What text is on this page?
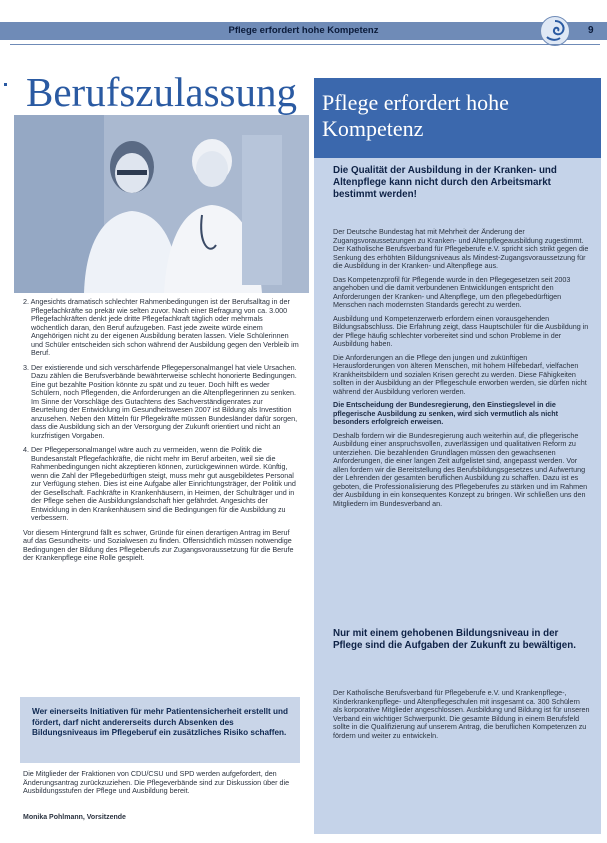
Pflege erfordert hohe Kompetenz	9
Berufszulassung

2. Angesichts dramatisch schlechter Rahmenbedingungen ist der Berufsalltag in der Pflegefachkräfte so prekär wie selten zuvor. Nach einer Befragung von ca. 3.000 Pflegefachkräften denkt jede dritte Pflegefachkraft täglich oder mehrmals wöchentlich daran, den Beruf aufzugeben. Fast jede zweite würde einem Angehörigen nicht zu der eigenen Ausbildung beraten lassen. Viele Schülerinnen und Schüler entscheiden sich schon während der Ausbildung gegen den Verbleib im Beruf.

3. Der existierende und sich verschärfende Pflegepersonalmangel hat viele Ursachen. Dazu zählen die Berufsverbände bewährterweise schlecht honorierte Bedingungen. Eine gut bezahlte Position könnte zu spät und zu teuer. Doch hilft es weder Schülern, noch Pflegenden, die Anforderungen an die Altenpflegerinnen zu senken. Im Sinne der Vorschläge des Gutachtens des Sachverständigenrates zur Beurteilung der Entwicklung im Gesundheitswesen 2007 ist Bildung als Investition anzusehen. Neben den Mitteln für Pflegekräfte müssen Bundesländer dafür sorgen, dass die Ausbildung sich an der Versorgung der Zukunft orientiert und nicht an kurzfristigen Vorgaben.

4. Der Pflegepersonalmangel wäre auch zu vermeiden, wenn die Politik die Bundesanstalt Pflegefachkräfte, die nicht mehr im Beruf arbeiten, weil sie die Rahmenbedingungen nicht akzeptieren können, zurückgewinnen würde. Künftig, wenn die Zahl der Pflegebedürftigen steigt, muss mehr gut ausgebildetes Personal zur Verfügung stehen. Dies ist eine Aufgabe aller Einrichtungsträger, der Politik und der Gesellschaft. Fachkräfte in Krankenhäusern, in Heimen, der Schulträger und in der Pflege sehen die Ausbildungslandschaft hier gefährdet. Angesichts der Entwicklung in den Krankenhäusern sind die Bedingungen für die Ausbildung zu verbessern.

Vor diesem Hintergrund fällt es schwer, Gründe für einen derartigen Antrag im Beruf auf das Gesundheits- und Sozialwesen zu finden. Offensichtlich müssen notwendige Bedingungen der Bildung des Pflegeberufs zur Zugangsvoraussetzung für die Berufe der Krankenpflege eine Rolle gespielt.

Wer einerseits Initiativen für mehr Patientensicherheit erstellt und fördert, darf nicht andererseits durch Absenken des Bildungsniveaus im Pflegeberuf ein zusätzliches Risiko schaffen.
Die Mitglieder der Fraktionen von CDU/CSU und SPD werden aufgefordert, den Änderungsantrag zurückzuziehen. Die Pflegeverbände sind zur Diskussion über die Ausbildungsstufen der Pflege und Ausbildung bereit.
Monika Pohlmann, Vorsitzende
Pflege erfordert hohe Kompetenz
Die Qualität der Ausbildung in der Kranken- und Altenpflege kann nicht durch den Arbeitsmarkt bestimmt werden!

Der Deutsche Bundestag hat mit Mehrheit der Änderung der Zugangsvoraussetzungen zu Kranken- und Altenpflegeausbildung zugestimmt. Der Katholische Berufsverband für Pflegeberufe e.V. spricht sich strikt gegen die Senkung des erhöhten Bildungsniveaus als Mindest-Zugangsvoraussetzung für die Ausbildung in der Kranken- und Altenpflege aus.

Das Kompetenzprofil für Pflegende wurde in den Pflegegesetzen seit 2003 angehoben und die damit verbundenen Entwicklungen entspricht den Anforderungen der Kranken- und Altenpflege, um den pflegebedürftigen Menschen nach modernsten Standards gerecht zu werden.

Ausbildung und Kompetenzerwerb erfordern einen vorausgehenden Bildungsabschluss. Die Erfahrung zeigt, dass Hauptschüler für die Ausbildung in der Pflege häufig schlechter vorbereitet sind und schon Probleme in der Ausbildung haben.

Die Anforderungen an die Pflege den jungen und zukünftigen Herausforderungen von älteren Menschen, mit hohem Hilfebedarf, vielfachen Krankheitsbildern und sozialen Krisen gerecht zu werden. Diese Fähigkeiten sollten in der Ausbildung an der Pflegeschule erworben werden, sie dürfen nicht während der Ausbildung verloren werden.

Die Entscheidung der Bundesregierung, den Einstiegslevel in die pflegerische Ausbildung zu senken, wird sich vermutlich als nicht besonders erfolgreich erweisen.

Deshalb fordern wir die Bundesregierung auch weiterhin auf, die pflegerische Ausbildung einer anspruchsvollen, zuverlässigen und qualitativen Reform zu unterziehen. Die bezahlenden Grundlagen müssen den gewachsenen Anforderungen, die einer langen Zeit aufgelistet sind, angepasst werden. Vor allen fordern wir die Bereitstellung des Berufsbildungsgesetzes und Aufwertung der Lehrenden der gesamten beruflichen Ausbildung zu schaffen. Dazu ist es geboten, die Professionalisierung des Pflegeberufes zu stärken und im Rahmen der Ausbildung in ein konsequentes Konzept zu bringen. Wir schließen uns den Mitgliedern im Bundesverband an.

Nur mit einem gehobenen Bildungsniveau in der Pflege sind die Aufgaben der Zukunft zu bewältigen.
Der Katholische Berufsverband für Pflegeberufe e.V. und Krankenpflege-, Kinderkrankenpflege- und Altenpflegeschulen mit insgesamt ca. 300 Schülern als korporative Mitglieder angeschlossen. Ausbildung und Bildung ist für unseren Verband ein wichtiger Schwerpunkt. Die gesamte Bildung in einem Berufsfeld sollte in die Qualifizierung auf unserem Antrag, die beruflichen Kompetenzen zu fördern und weiter zu entwickeln.
